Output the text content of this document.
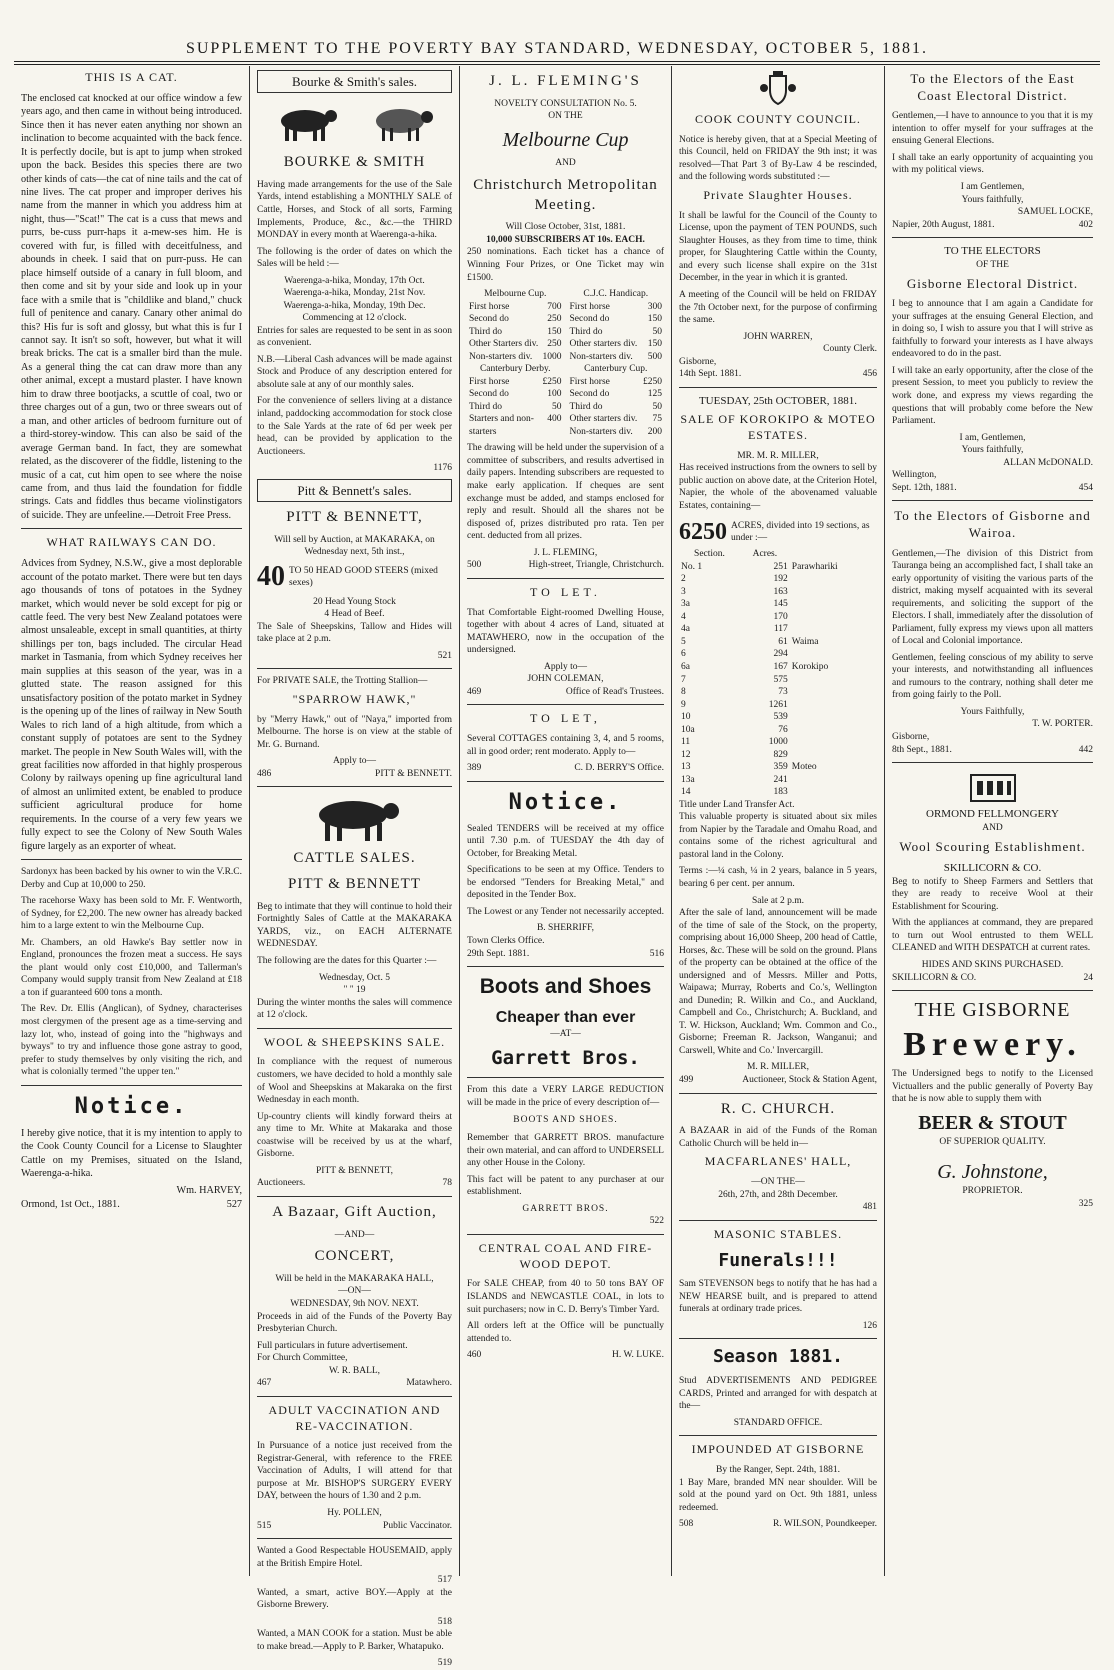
SUPPLEMENT TO THE POVERTY BAY STANDARD, WEDNESDAY, OCTOBER 5, 1881.
THIS IS A CAT.

The enclosed cat knocked at our office window a few years ago, and then came in without being introduced. Since then it has never eaten anything nor shown an inclination to become acquainted with the back fence. It is perfectly docile, but is apt to jump when stroked upon the back. Besides this species there are two other kinds of cats—the cat of nine tails and the cat of nine lives. The cat proper and improper derives his name from the manner in which you address him at night, thus—"Scat!" The cat is a cuss that mews and purrs, be-cuss purr-haps it a-mew-ses him. He is covered with fur, is filled with deceitfulness, and abounds in cheek. I said that on purr-puss. He can place himself outside of a canary in full bloom, and then come and sit by your side and look up in your face with a smile that is "childlike and bland," chuck full of penitence and canary. Canary other animal do this? His fur is soft and glossy, but what this is fur I cannot say. It isn't so soft, however, but what it will break bricks. The cat is a smaller bird than the mule. As a general thing the cat can draw more than any other animal, except a mustard plaster. I have known him to draw three bootjacks, a scuttle of coal, two or three charges out of a gun, two or three swears out of a man, and other articles of bedroom furniture out of a third-storey-window. This can also be said of the average German band. In fact, they are somewhat related, as the discoverer of the fiddle, listening to the music of a cat, cut him open to see where the noise came from, and thus laid the foundation for fiddle strings. Cats and fiddles thus became violinstigators of suicide. They are unfeeline.—Detroit Free Press.

WHAT RAILWAYS CAN DO.

Advices from Sydney, N.S.W., give a most deplorable account of the potato market. There were but ten days ago thousands of tons of potatoes in the Sydney market, which would never be sold except for pig or cattle feed. The very best New Zealand potatoes were almost unsaleable, except in small quantities, at thirty shillings per ton, bags included. The circular Head market in Tasmania, from which Sydney receives her main supplies at this season of the year, was in a glutted state. The reason assigned for this unsatisfactory position of the potato market in Sydney is the opening up of the lines of railway in New South Wales to rich land of a high altitude, from which a constant supply of potatoes are sent to the Sydney market. The people in New South Wales will, with the great facilities now afforded in that highly prosperous Colony by railways opening up fine agricultural land of almost an unlimited extent, be enabled to produce sufficient agricultural produce for home requirements. In the course of a very few years we fully expect to see the Colony of New South Wales figure largely as an exporter of wheat.

Sardonyx has been backed by his owner to win the V.R.C. Derby and Cup at 10,000 to 250.

The racehorse Waxy has been sold to Mr. F. Wentworth, of Sydney, for £2,200. The new owner has already backed him to a large extent to win the Melbourne Cup.

Mr. Chambers, an old Hawke's Bay settler now in England, pronounces the frozen meat a success. He says the plant would only cost £10,000, and Tallerman's Company would supply transit from New Zealand at £18 a ton if guaranteed 600 tons a month.

The Rev. Dr. Ellis (Anglican), of Sydney, characterises most clergymen of the present age as a time-serving and lazy lot, who, instead of going into the "highways and byways" to try and influence those gone astray to good, prefer to study themselves by only visiting the rich, and what is colonially termed "the upper ten."

Notice.

I hereby give notice, that it is my intention to apply to the Cook County Council for a License to Slaughter Cattle on my Premises, situated on the Island, Waerenga-a-hika.

Wm. HARVEY,
Ormond, 1st Oct., 1881.	527
Bourke & Smith's sales.
BOURKE & SMITH

Having made arrangements for the use of the Sale Yards, intend establishing a MONTHLY SALE of Cattle, Horses, and Stock of all sorts, Farming Implements, Produce, &c., &c.—the THIRD MONDAY in every month at Waerenga-a-hika.

The following is the order of dates on which the Sales will be held :—

Waerenga-a-hika, Monday, 17th Oct.
Waerenga-a-hika, Monday, 21st Nov.
Waerenga-a-hika, Monday, 19th Dec.
Commencing at 12 o'clock.

Entries for sales are requested to be sent in as soon as convenient.

N.B.—Liberal Cash advances will be made against Stock and Produce of any description entered for absolute sale at any of our monthly sales.

For the convenience of sellers living at a distance inland, paddocking accommodation for stock close to the Sale Yards at the rate of 6d per week per head, can be provided by application to the Auctioneers.

1176
Pitt & Bennett's sales.
PITT & BENNETT,
Will sell by Auction, at MAKARAKA, on Wednesday next, 5th inst.,
40 TO 50 HEAD GOOD STEERS (mixed sexes)
20 Head Young Stock
4 Head of Beef.

The Sale of Sheepskins, Tallow and Hides will take place at 2 p.m.

521

For PRIVATE SALE, the Trotting Stallion—

"SPARROW HAWK,"

by "Merry Hawk," out of "Naya," imported from Melbourne. The horse is on view at the stable of Mr. G. Burnand.

Apply to—
486	PITT & BENNETT.
CATTLE SALES.
PITT & BENNETT

Beg to intimate that they will continue to hold their Fortnightly Sales of Cattle at the MAKARAKA YARDS, viz., on EACH ALTERNATE WEDNESDAY.

The following are the dates for this Quarter :—

Wednesday, Oct. 5
" " 19

During the winter months the sales will commence at 12 o'clock.

WOOL & SHEEPSKINS SALE.

In compliance with the request of numerous customers, we have decided to hold a monthly sale of Wool and Sheepskins at Makaraka on the first Wednesday in each month.

Up-country clients will kindly forward theirs at any time to Mr. White at Makaraka and those coastwise will be received by us at the wharf, Gisborne.

PITT & BENNETT,
Auctioneers.	78
A Bazaar, Gift Auction,
—AND—
CONCERT,
Will be held in the MAKARAKA HALL,
—ON—
WEDNESDAY, 9th NOV. NEXT.

Proceeds in aid of the Funds of the Poverty Bay Presbyterian Church.

Full particulars in future advertisement.
For Church Committee,
W. R. BALL,
467	Matawhero.
ADULT VACCINATION AND RE-VACCINATION.

In Pursuance of a notice just received from the Registrar-General, with reference to the FREE Vaccination of Adults, I will attend for that purpose at Mr. BISHOP'S SURGERY EVERY DAY, between the hours of 1.30 and 2 p.m.

Hy. POLLEN,
515	Public Vaccinator.

Wanted a Good Respectable HOUSEMAID, apply at the British Empire Hotel.

517

Wanted, a smart, active BOY.—Apply at the Gisborne Brewery.

518

Wanted, a MAN COOK for a station. Must be able to make bread.—Apply to P. Barker, Whatapuko.

519
J. L. FLEMING'S
NOVELTY CONSULTATION No. 5.
ON THE
Melbourne Cup
AND
Christchurch Metropolitan Meeting.
Will Close October, 31st, 1881.
10,000 SUBSCRIBERS AT 10s. EACH.

250 nominations. Each ticket has a chance of Winning Four Prizes, or One Ticket may win £1500.

Melbourne Cup.	
First horse	700
Second do	250
Third do	150
Other Starters div.	250
Non-starters div.	1000
Canterbury Derby.	
First horse	£250
Second do	100
Third do	50
Starters and non-starters	400
C.J.C. Handicap.	
First horse	300
Second do	150
Third do	50
Other starters div.	150
Non-starters div.	500
Canterbury Cup.	
First horse	£250
Second do	125
Third do	50
Other starters div.	75
Non-starters div.	200

The drawing will be held under the supervision of a committee of subscribers, and results advertised in daily papers. Intending subscribers are requested to make early application. If cheques are sent exchange must be added, and stamps enclosed for reply and result. Should all the shares not be disposed of, prizes distributed pro rata. Ten per cent. deducted from all prizes.

J. L. FLEMING,
500	High-street, Triangle, Christchurch.
TO LET.

That Comfortable Eight-roomed Dwelling House, together with about 4 acres of Land, situated at MATAWHERO, now in the occupation of the undersigned.

Apply to—
JOHN COLEMAN,
469	Office of Read's Trustees.
TO LET,

Several COTTAGES containing 3, 4, and 5 rooms, all in good order; rent moderato. Apply to—

389	C. D. BERRY'S Office.
Notice.

Sealed TENDERS will be received at my office until 7.30 p.m. of TUESDAY the 4th day of October, for Breaking Metal.

Specifications to be seen at my Office. Tenders to be endorsed "Tenders for Breaking Metal," and deposited in the Tender Box.

The Lowest or any Tender not necessarily accepted.

B. SHERRIFF,
Town Clerks Office.
29th Sept. 1881.	516
Boots and Shoes
Cheaper than ever
—AT—
Garrett Bros.

From this date a VERY LARGE REDUCTION will be made in the price of every description of—

BOOTS AND SHOES.

Remember that GARRETT BROS. manufacture their own material, and can afford to UNDERSELL any other House in the Colony.

This fact will be patent to any purchaser at our establishment.

GARRETT BROS.
522
CENTRAL COAL AND FIRE-WOOD DEPOT.

For SALE CHEAP, from 40 to 50 tons BAY OF ISLANDS and NEWCASTLE COAL, in lots to suit purchasers; now in C. D. Berry's Timber Yard.

All orders left at the Office will be punctually attended to.

460	H. W. LUKE.
COOK COUNTY COUNCIL.

Notice is hereby given, that at a Special Meeting of this Council, held on FRIDAY the 9th inst; it was resolved—That Part 3 of By-Law 4 be rescinded, and the following words substituted :—

Private Slaughter Houses.

It shall be lawful for the Council of the County to License, upon the payment of TEN POUNDS, such Slaughter Houses, as they from time to time, think proper, for Slaughtering Cattle within the County, and every such license shall expire on the 31st December, in the year in which it is granted.

A meeting of the Council will be held on FRIDAY the 7th October next, for the purpose of confirming the same.

JOHN WARREN,
County Clerk.
Gisborne,
14th Sept. 1881.	456
TUESDAY, 25th OCTOBER, 1881.
SALE OF KOROKIPO & MOTEO ESTATES.
MR. M. R. MILLER,

Has received instructions from the owners to sell by public auction on above date, at the Criterion Hotel, Napier, the whole of the abovenamed valuable Estates, containing—

6250 ACRES, divided into 19 sections, as under :—
Section.	Acres.	
No. 1	251	Parawhariki
2	192	
3	163	
3a	145	
4	170	
4a	117	
5	61	Waima
6	294	
6a	167	Korokipo
7	575	
8	73	
9	1261	
10	539	
10a	76	
11	1000	
12	829	
13	359	Moteo
13a	241	
14	183	
Title under Land Transfer Act.

This valuable property is situated about six miles from Napier by the Taradale and Omahu Road, and contains some of the richest agricultural and pastoral land in the Colony.

Terms :—¼ cash, ¼ in 2 years, balance in 5 years, bearing 6 per cent. per annum.

Sale at 2 p.m.

After the sale of land, announcement will be made of the time of sale of the Stock, on the property, comprising about 16,000 Sheep, 200 head of Cattle, Horses, &c. These will be sold on the ground. Plans of the property can be obtained at the office of the undersigned and of Messrs. Miller and Potts, Waipawa; Murray, Roberts and Co.'s, Wellington and Dunedin; R. Wilkin and Co., and Auckland, Campbell and Co., Christchurch; A. Buckland, and T. W. Hickson, Auckland; Wm. Common and Co., Gisborne; Freeman R. Jackson, Wanganui; and Carswell, White and Co.' Invercargill.

M. R. MILLER,
499	Auctioneer, Stock & Station Agent,
R. C. CHURCH.

A BAZAAR in aid of the Funds of the Roman Catholic Church will be held in—

MACFARLANES' HALL,
—ON THE—
26th, 27th, and 28th December.
481
MASONIC STABLES.
Funerals!!!

Sam STEVENSON begs to notify that he has had a NEW HEARSE built, and is prepared to attend funerals at ordinary trade prices.

126
Season 1881.

Stud ADVERTISEMENTS AND PEDIGREE CARDS, Printed and arranged for with despatch at the—

STANDARD OFFICE.
IMPOUNDED AT GISBORNE
By the Ranger, Sept. 24th, 1881.

1 Bay Mare, branded MN near shoulder. Will be sold at the pound yard on Oct. 9th 1881, unless redeemed.

508	R. WILSON, Poundkeeper.
To the Electors of the East Coast Electoral District.

Gentlemen,—I have to announce to you that it is my intention to offer myself for your suffrages at the ensuing General Elections.

I shall take an early opportunity of acquainting you with my political views.

I am Gentlemen,
Yours faithfully,
SAMUEL LOCKE,
Napier, 20th August, 1881.	402
TO THE ELECTORS
OF THE
Gisborne Electoral District.

I beg to announce that I am again a Candidate for your suffrages at the ensuing General Election, and in doing so, I wish to assure you that I will strive as faithfully to forward your interests as I have always endeavored to do in the past.

I will take an early opportunity, after the close of the present Session, to meet you publicly to review the work done, and express my views regarding the questions that will probably come before the New Parliament.

I am, Gentlemen,
Yours faithfully,
ALLAN McDONALD.
Wellington,
Sept. 12th, 1881.	454
To the Electors of Gisborne and Wairoa.

Gentlemen,—The division of this District from Tauranga being an accomplished fact, I shall take an early opportunity of visiting the various parts of the district, making myself acquainted with its several requirements, and soliciting the support of the Electors. I shall, immediately after the dissolution of Parliament, fully express my views upon all matters of Local and Colonial importance.

Gentlemen, feeling conscious of my ability to serve your interests, and notwithstanding all influences and rumours to the contrary, nothing shall deter me from going fairly to the Poll.

Yours Faithfully,
T. W. PORTER.
Gisborne,
8th Sept., 1881.	442
ORMOND FELLMONGERY
AND
Wool Scouring Establishment.
SKILLICORN & CO.

Beg to notify to Sheep Farmers and Settlers that they are ready to receive Wool at their Establishment for Scouring.

With the appliances at command, they are prepared to turn out Wool entrusted to them WELL CLEANED and WITH DESPATCH at current rates.

HIDES AND SKINS PURCHASED.
SKILLICORN & CO.	24
THE GISBORNE
Brewery.

The Undersigned begs to notify to the Licensed Victuallers and the public generally of Poverty Bay that he is now able to supply them with

BEER & STOUT
OF SUPERIOR QUALITY.
G. Johnstone,
PROPRIETOR.
325
